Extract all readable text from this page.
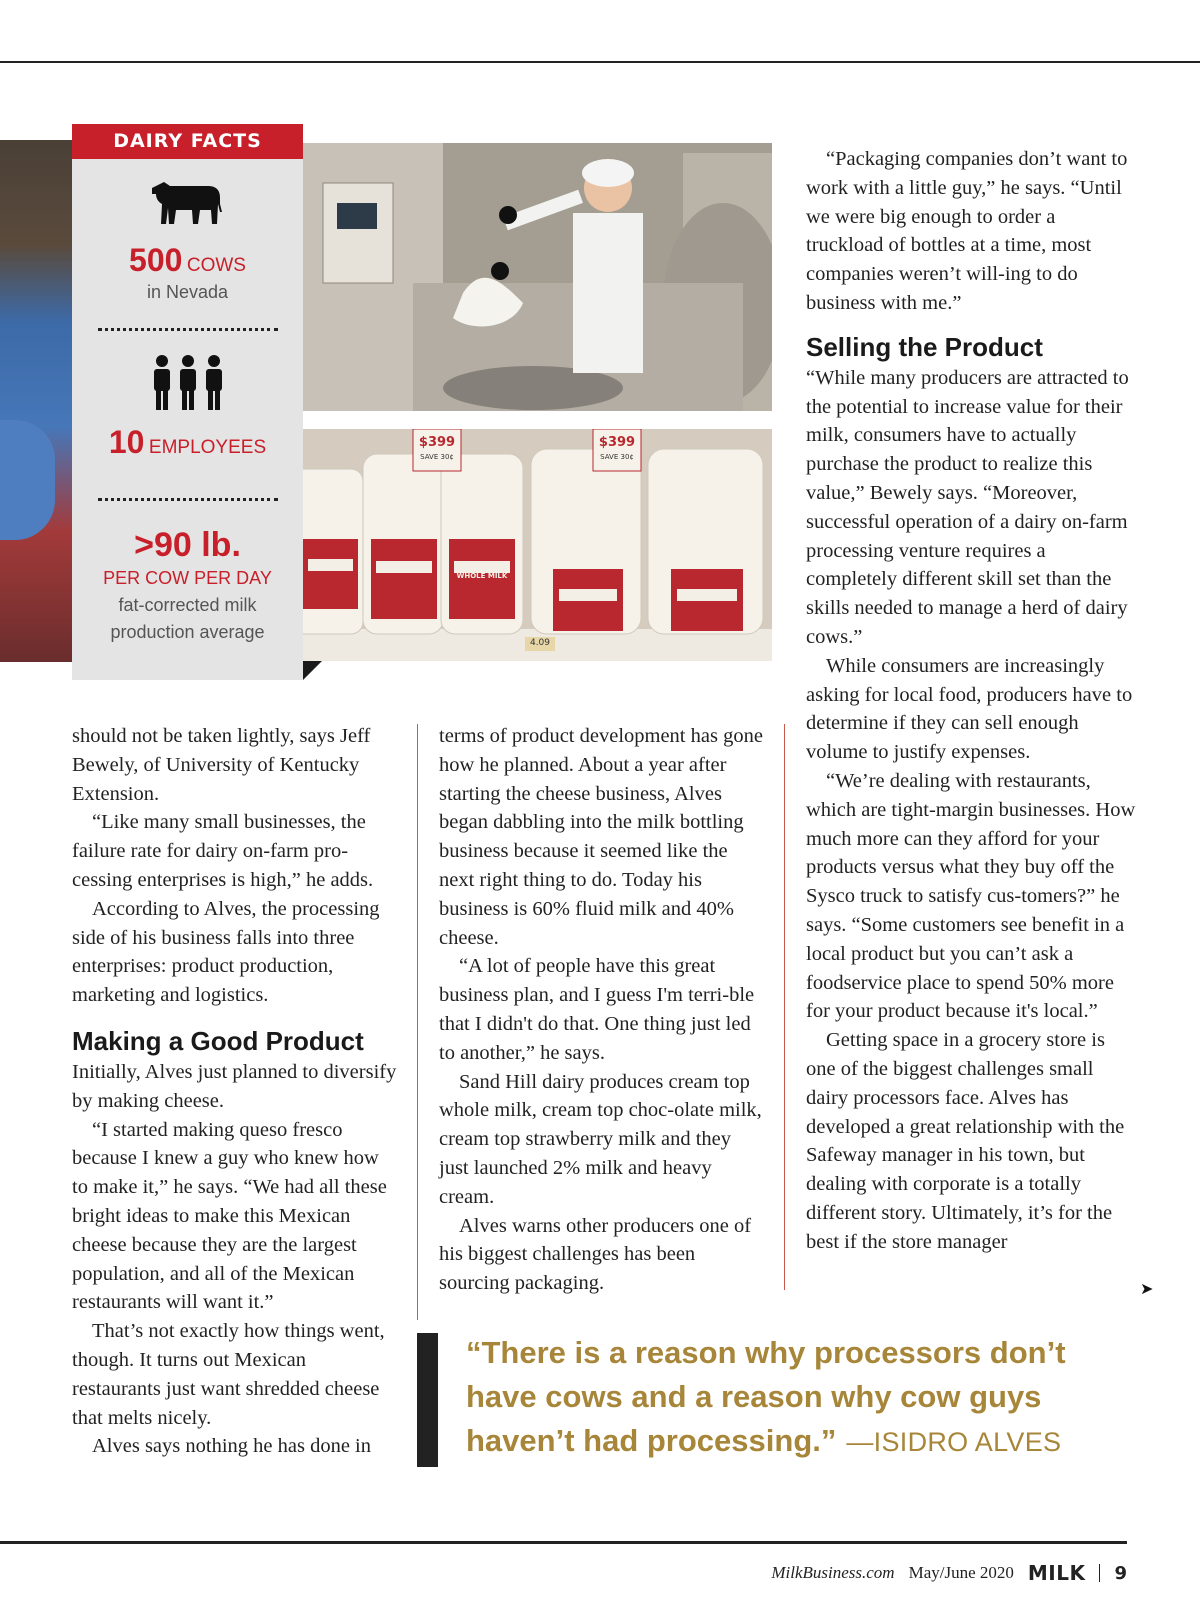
DAIRY FACTS
500 COWS
in Nevada
10 EMPLOYEES
>90 lb.
PER COW PER DAY
fat-corrected milk
production average
$399	$399
SAVE 30¢	SAVE 30¢
WHOLE MILK
4.09

should not be taken lightly, says Jeff Bewely, of University of Kentucky Extension.

“Like many small businesses, the failure rate for dairy on-farm pro-cessing enterprises is high,” he adds.

According to Alves, the processing side of his business falls into three enterprises: product production, marketing and logistics.

Making a Good Product

Initially, Alves just planned to diversify by making cheese.

“I started making queso fresco because I knew a guy who knew how to make it,” he says. “We had all these bright ideas to make this Mexican cheese because they are the largest population, and all of the Mexican restaurants will want it.”

That’s not exactly how things went, though. It turns out Mexican restaurants just want shredded cheese that melts nicely.

Alves says nothing he has done in

terms of product development has gone how he planned. About a year after starting the cheese business, Alves began dabbling into the milk bottling business because it seemed like the next right thing to do. Today his business is 60% fluid milk and 40% cheese.

“A lot of people have this great business plan, and I guess I'm terri-ble that I didn't do that. One thing just led to another,” he says.

Sand Hill dairy produces cream top whole milk, cream top choc-olate milk, cream top strawberry milk and they just launched 2% milk and heavy cream.

Alves warns other producers one of his biggest challenges has been sourcing packaging.

“Packaging companies don’t want to work with a little guy,” he says. “Until we were big enough to order a truckload of bottles at a time, most companies weren’t will-ing to do business with me.”

Selling the Product

“While many producers are attracted to the potential to increase value for their milk, consumers have to actually purchase the product to realize this value,” Bewely says. “Moreover, successful operation of a dairy on-farm processing venture requires a completely different skill set than the skills needed to manage a herd of dairy cows.”

While consumers are increasingly asking for local food, producers have to determine if they can sell enough volume to justify expenses.

“We’re dealing with restaurants, which are tight-margin businesses. How much more can they afford for your products versus what they buy off the Sysco truck to satisfy cus-tomers?” he says. “Some customers see benefit in a local product but you can’t ask a foodservice place to spend 50% more for your product because it's local.”

Getting space in a grocery store is one of the biggest challenges small dairy processors face. Alves has developed a great relationship with the Safeway manager in his town, but dealing with corporate is a totally different story. Ultimately, it’s for the best if the store manager

➤
“There is a reason why processors don’t
have cows and a reason why cow guys
haven’t had processing.” —ISIDRO ALVES
MilkBusiness.com May/June 2020 MILK 9
